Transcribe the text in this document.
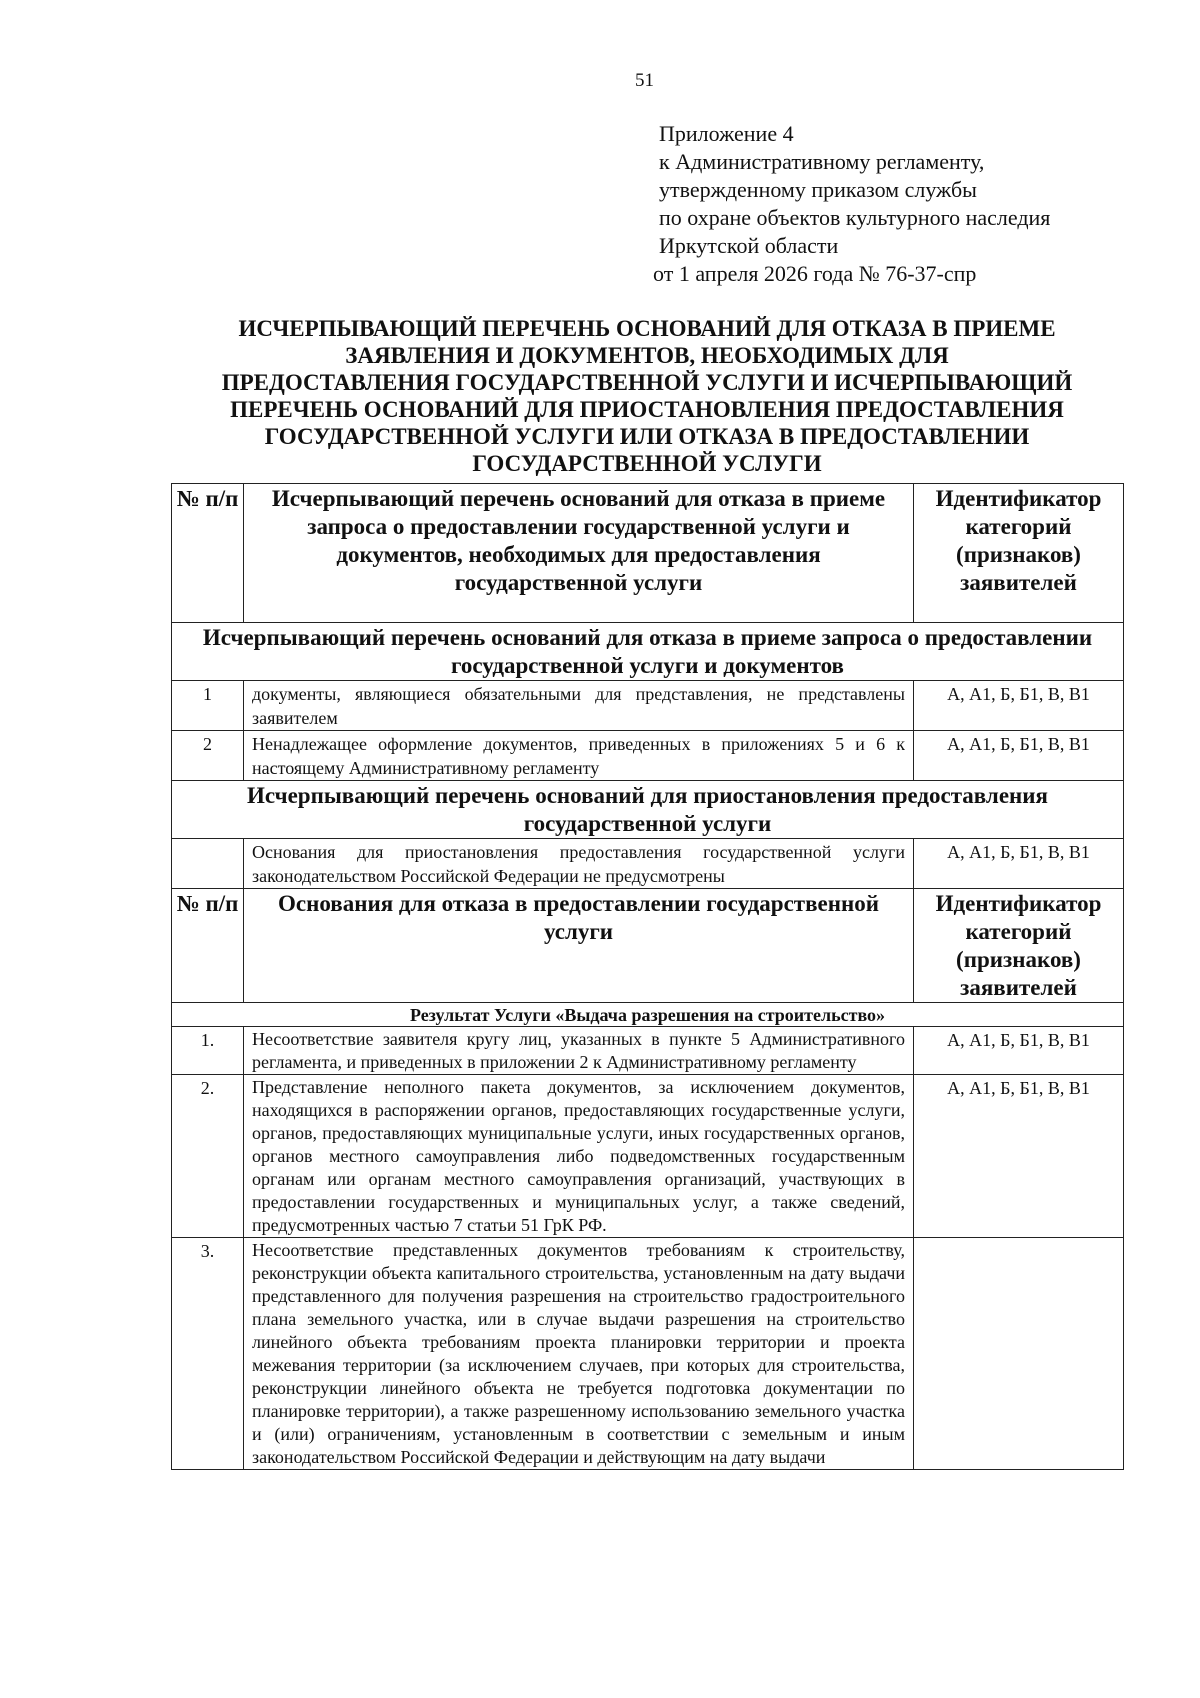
51
Приложение 4
к Административному регламенту,
утвержденному приказом службы
по охране объектов культурного наследия
Иркутской области
от 1 апреля 2026 года № 76-37-спр
ИСЧЕРПЫВАЮЩИЙ ПЕРЕЧЕНЬ ОСНОВАНИЙ ДЛЯ ОТКАЗА В ПРИЕМЕ
ЗАЯВЛЕНИЯ И ДОКУМЕНТОВ, НЕОБХОДИМЫХ ДЛЯ
ПРЕДОСТАВЛЕНИЯ ГОСУДАРСТВЕННОЙ УСЛУГИ И ИСЧЕРПЫВАЮЩИЙ
ПЕРЕЧЕНЬ ОСНОВАНИЙ ДЛЯ ПРИОСТАНОВЛЕНИЯ ПРЕДОСТАВЛЕНИЯ
ГОСУДАРСТВЕННОЙ УСЛУГИ ИЛИ ОТКАЗА В ПРЕДОСТАВЛЕНИИ
ГОСУДАРСТВЕННОЙ УСЛУГИ
№ п/п	Исчерпывающий перечень оснований для отказа в приеме запроса о предоставлении государственной услуги и документов, необходимых для предоставления государственной услуги	Идентификатор категорий (признаков) заявителей
Исчерпывающий перечень оснований для отказа в приеме запроса о предоставлении государственной услуги и документов		
1	документы, являющиеся обязательными для представления, не представлены заявителем	А, А1, Б, Б1, В, В1
2	Ненадлежащее оформление документов, приведенных в приложениях 5 и 6 к настоящему Административному регламенту	А, А1, Б, Б1, В, В1
Исчерпывающий перечень оснований для приостановления предоставления государственной услуги		
	Основания для приостановления предоставления государственной услуги законодательством Российской Федерации не предусмотрены	А, А1, Б, Б1, В, В1
№ п/п	Основания для отказа в предоставлении государственной услуги	Идентификатор категорий (признаков) заявителей
Результат Услуги «Выдача разрешения на строительство»		
1.	Несоответствие заявителя кругу лиц, указанных в пункте 5 Административного регламента, и приведенных в приложении 2 к Административному регламенту	А, А1, Б, Б1, В, В1
2.	Представление неполного пакета документов, за исключением документов, находящихся в распоряжении органов, предоставляющих государственные услуги, органов, предоставляющих муниципальные услуги, иных государственных органов, органов местного самоуправления либо подведомственных государственным органам или органам местного самоуправления организаций, участвующих в предоставлении государственных и муниципальных услуг, а также сведений, предусмотренных частью 7 статьи 51 ГрК РФ.	А, А1, Б, Б1, В, В1
3.	Несоответствие представленных документов требованиям к строительству, реконструкции объекта капитального строительства, установленным на дату выдачи представленного для получения разрешения на строительство градостроительного плана земельного участка, или в случае выдачи разрешения на строительство линейного объекта требованиям проекта планировки территории и проекта межевания территории (за исключением случаев, при которых для строительства, реконструкции линейного объекта не требуется подготовка документации по планировке территории), а также разрешенному использованию земельного участка и (или) ограничениям, установленным в соответствии с земельным и иным законодательством Российской Федерации и действующим на дату выдачи	
